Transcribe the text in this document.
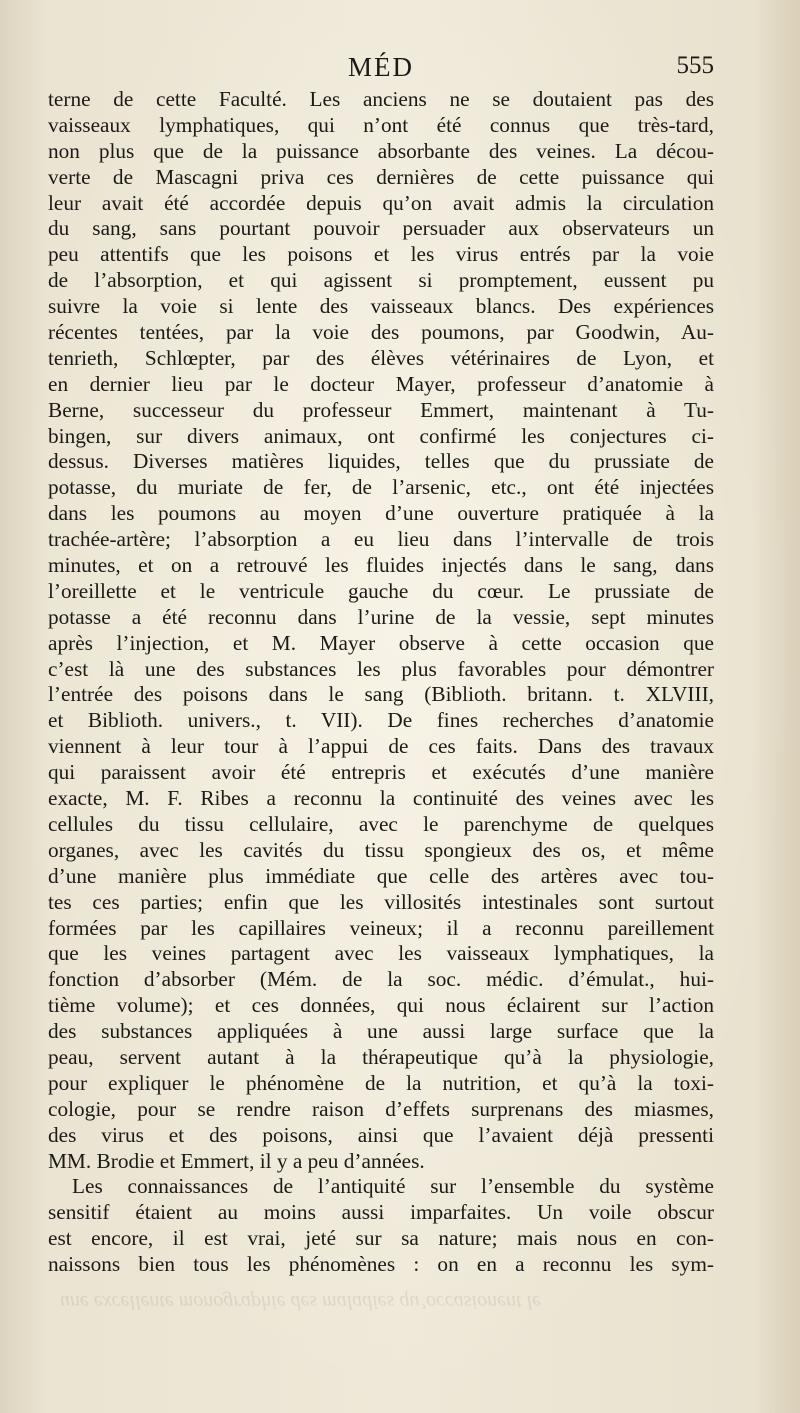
MÉD	555
terne de cette Faculté. Les anciens ne se doutaient pas des
vaisseaux lymphatiques, qui n’ont été connus que très-tard,
non plus que de la puissance absorbante des veines. La décou-
verte de Mascagni priva ces dernières de cette puissance qui
leur avait été accordée depuis qu’on avait admis la circulation
du sang, sans pourtant pouvoir persuader aux observateurs un
peu attentifs que les poisons et les virus entrés par la voie
de l’absorption, et qui agissent si promptement, eussent pu
suivre la voie si lente des vaisseaux blancs. Des expériences
récentes tentées, par la voie des poumons, par Goodwin, Au-
tenrieth, Schlœpter, par des élèves vétérinaires de Lyon, et
en dernier lieu par le docteur Mayer, professeur d’anatomie à
Berne, successeur du professeur Emmert, maintenant à Tu-
bingen, sur divers animaux, ont confirmé les conjectures ci-
dessus. Diverses matières liquides, telles que du prussiate de
potasse, du muriate de fer, de l’arsenic, etc., ont été injectées
dans les poumons au moyen d’une ouverture pratiquée à la
trachée-artère; l’absorption a eu lieu dans l’intervalle de trois
minutes, et on a retrouvé les fluides injectés dans le sang, dans
l’oreillette et le ventricule gauche du cœur. Le prussiate de
potasse a été reconnu dans l’urine de la vessie, sept minutes
après l’injection, et M. Mayer observe à cette occasion que
c’est là une des substances les plus favorables pour démontrer
l’entrée des poisons dans le sang (Biblioth. britann. t. XLVIII,
et Biblioth. univers., t. VII). De fines recherches d’anatomie
viennent à leur tour à l’appui de ces faits. Dans des travaux
qui paraissent avoir été entrepris et exécutés d’une manière
exacte, M. F. Ribes a reconnu la continuité des veines avec les
cellules du tissu cellulaire, avec le parenchyme de quelques
organes, avec les cavités du tissu spongieux des os, et même
d’une manière plus immédiate que celle des artères avec tou-
tes ces parties; enfin que les villosités intestinales sont surtout
formées par les capillaires veineux; il a reconnu pareillement
que les veines partagent avec les vaisseaux lymphatiques, la
fonction d’absorber (Mém. de la soc. médic. d’émulat., hui-
tième volume); et ces données, qui nous éclairent sur l’action
des substances appliquées à une aussi large surface que la
peau, servent autant à la thérapeutique qu’à la physiologie,
pour expliquer le phénomène de la nutrition, et qu’à la toxi-
cologie, pour se rendre raison d’effets surprenans des miasmes,
des virus et des poisons, ainsi que l’avaient déjà pressenti
MM. Brodie et Emmert, il y a peu d’années.
Les connaissances de l’antiquité sur l’ensemble du système
sensitif étaient au moins aussi imparfaites. Un voile obscur
est encore, il est vrai, jeté sur sa nature; mais nous en con-
naissons bien tous les phénomènes : on en a reconnu les sym-
une excellente monographie des maladies qu’occasionent le
